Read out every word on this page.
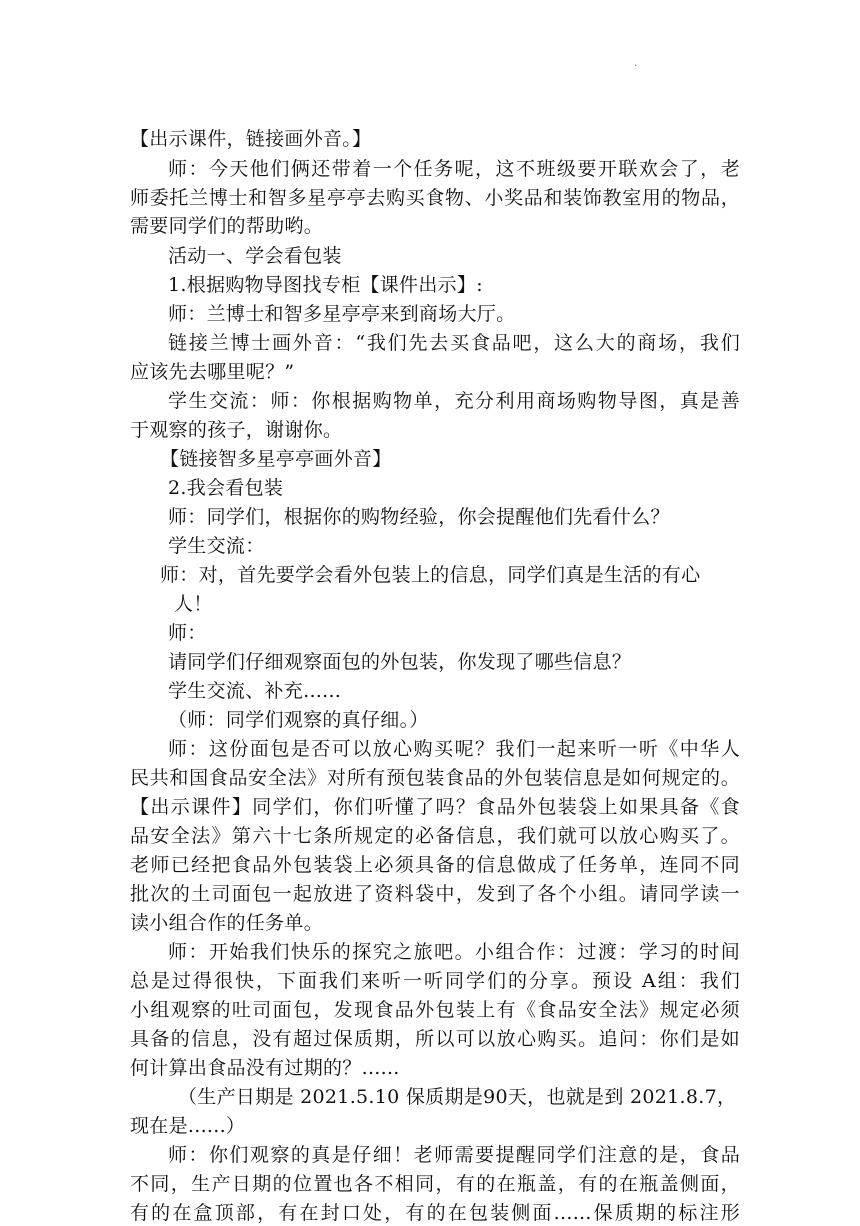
.
【出示课件，链接画外音。】
师：今天他们俩还带着一个任务呢，这不班级要开联欢会了，老
师委托兰博士和智多星亭亭去购买食物、小奖品和装饰教室用的物品，
需要同学们的帮助哟。
活动一、学会看包装
1.根据购物导图找专柜【课件出示】:
师：兰博士和智多星亭亭来到商场大厅。
链接兰博士画外音：“我们先去买食品吧，这么大的商场，我们
应该先去哪里呢？”
学生交流：师：你根据购物单，充分利用商场购物导图，真是善
于观察的孩子，谢谢你。
【链接智多星亭亭画外音】
2.我会看包装
师：同学们，根据你的购物经验，你会提醒他们先看什么？
学生交流：
师：对，首先要学会看外包装上的信息，同学们真是生活的有心
人！
师：
请同学们仔细观察面包的外包装，你发现了哪些信息？
学生交流、补充......
（师：同学们观察的真仔细。）
师：这份面包是否可以放心购买呢？我们一起来听一听《中华人
民共和国食品安全法》对所有预包装食品的外包装信息是如何规定的。
【出示课件】同学们，你们听懂了吗？食品外包装袋上如果具备《食
品安全法》第六十七条所规定的必备信息，我们就可以放心购买了。
老师已经把食品外包装袋上必须具备的信息做成了任务单，连同不同
批次的土司面包一起放进了资料袋中，发到了各个小组。请同学读一
读小组合作的任务单。
师：开始我们快乐的探究之旅吧。小组合作：过渡：学习的时间
总是过得很快，下面我们来听一听同学们的分享。预设 A组：我们
小组观察的吐司面包，发现食品外包装上有《食品安全法》规定必须
具备的信息，没有超过保质期，所以可以放心购买。追问：你们是如
何计算出食品没有过期的？......
（生产日期是 2021.5.10 保质期是90天，也就是到 2021.8.7，
现在是......）
师：你们观察的真是仔细！老师需要提醒同学们注意的是，食品
不同，生产日期的位置也各不相同，有的在瓶盖，有的在瓶盖侧面，
有的在盒顶部，有在封口处，有的在包装侧面......保质期的标注形
